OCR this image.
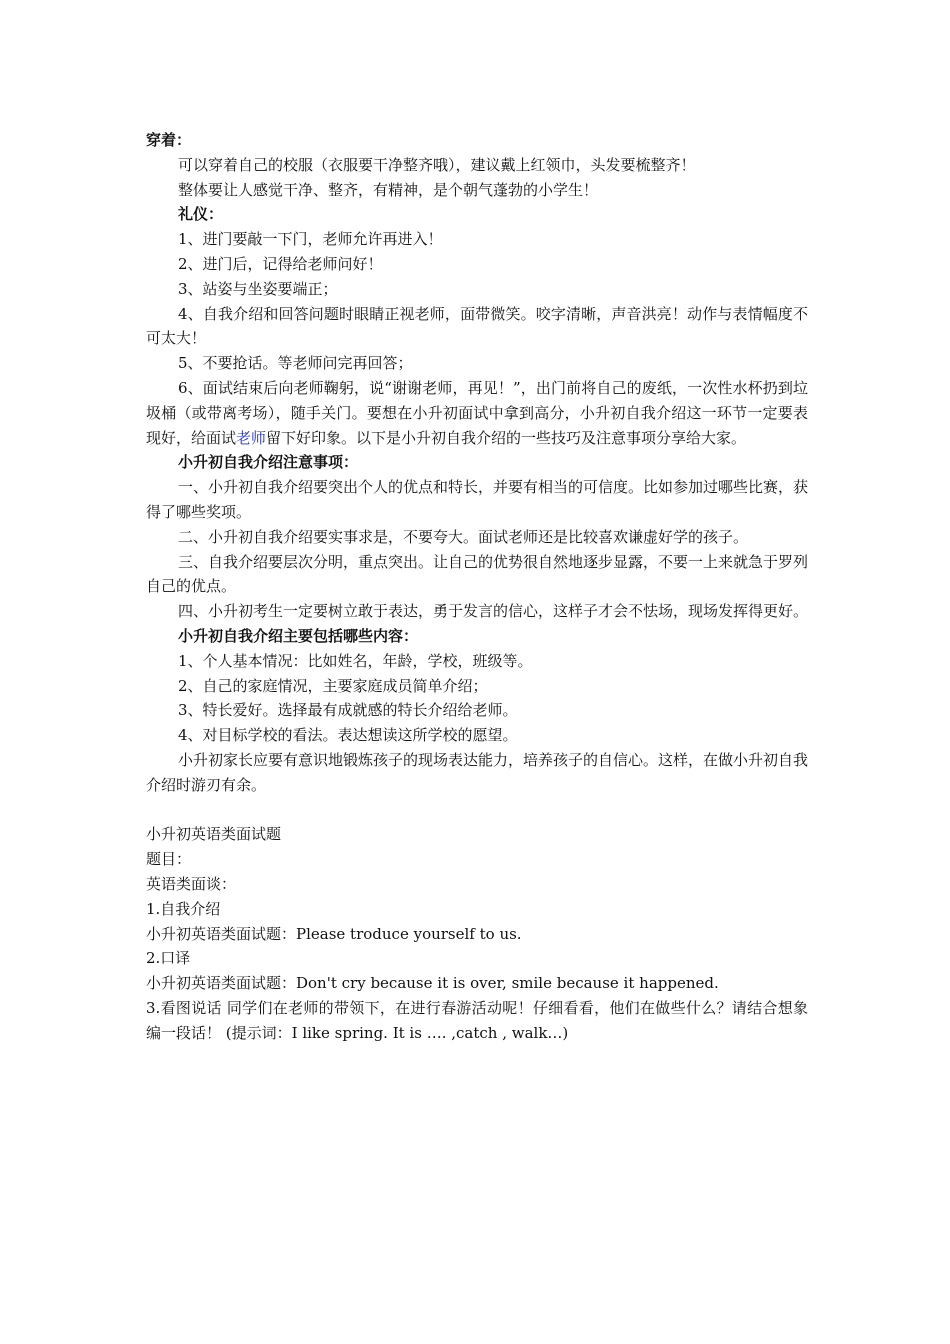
穿着：

可以穿着自己的校服（衣服要干净整齐哦），建议戴上红领巾，头发要梳整齐！

整体要让人感觉干净、整齐，有精神，是个朝气蓬勃的小学生！

礼仪：

1、进门要敲一下门，老师允许再进入！

2、进门后，记得给老师问好！

3、站姿与坐姿要端正；

4、自我介绍和回答问题时眼睛正视老师，面带微笑。咬字清晰，声音洪亮！动作与表情幅度不可太大！

5、不要抢话。等老师问完再回答；

6、面试结束后向老师鞠躬，说“谢谢老师，再见！”，出门前将自己的废纸，一次性水杯扔到垃圾桶（或带离考场），随手关门。要想在小升初面试中拿到高分，小升初自我介绍这一环节一定要表现好，给面试老师留下好印象。以下是小升初自我介绍的一些技巧及注意事项分享给大家。

小升初自我介绍注意事项：

一、小升初自我介绍要突出个人的优点和特长，并要有相当的可信度。比如参加过哪些比赛，获得了哪些奖项。

二、小升初自我介绍要实事求是，不要夸大。面试老师还是比较喜欢谦虚好学的孩子。

三、自我介绍要层次分明，重点突出。让自己的优势很自然地逐步显露，不要一上来就急于罗列自己的优点。

四、小升初考生一定要树立敢于表达，勇于发言的信心，这样子才会不怯场，现场发挥得更好。

小升初自我介绍主要包括哪些内容：

1、个人基本情况：比如姓名，年龄，学校，班级等。

2、自己的家庭情况，主要家庭成员简单介绍；

3、特长爱好。选择最有成就感的特长介绍给老师。

4、对目标学校的看法。表达想读这所学校的愿望。

小升初家长应要有意识地锻炼孩子的现场表达能力，培养孩子的自信心。这样，在做小升初自我介绍时游刃有余。

小升初英语类面试题

题目：

英语类面谈：

1.自我介绍

小升初英语类面试题：Please troduce yourself to us.

2.口译

小升初英语类面试题：Don't cry because it is over, smile because it happened.

3.看图说话 同学们在老师的带领下，在进行春游活动呢！仔细看看，他们在做些什么？请结合想象编一段话！ (提示词：I like spring. It is …. ,catch , walk…)
